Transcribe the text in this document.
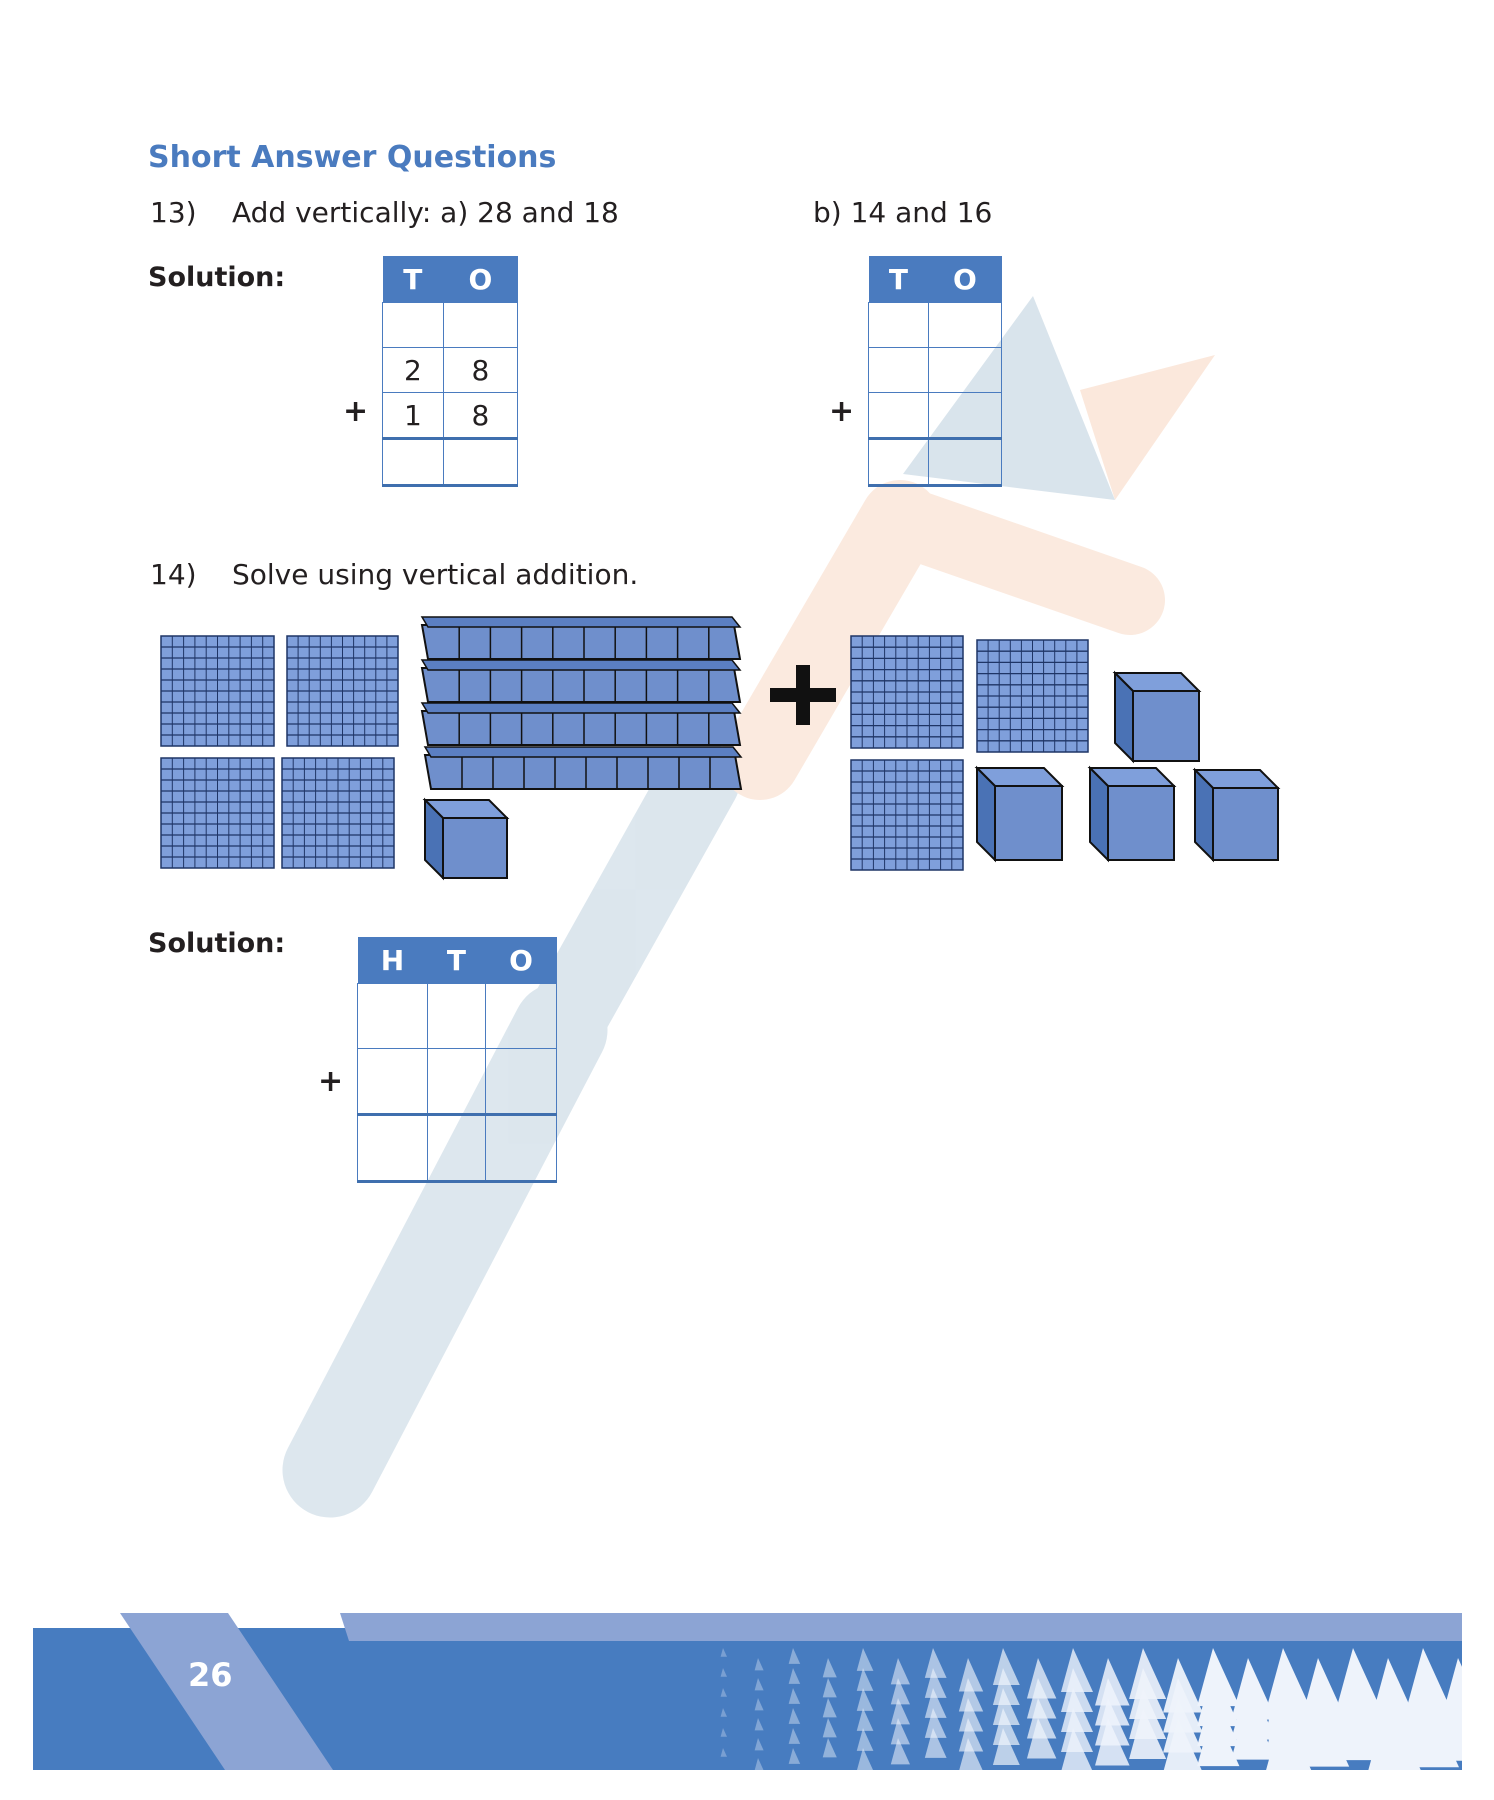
Short Answer Questions
13) Add vertically: a) 28 and 18	b) 14 and 16
Solution:	T	O

2	8
1	8

+
T	O

+
14) Solve using vertical addition.
Solution:	H	T	O

+
26
